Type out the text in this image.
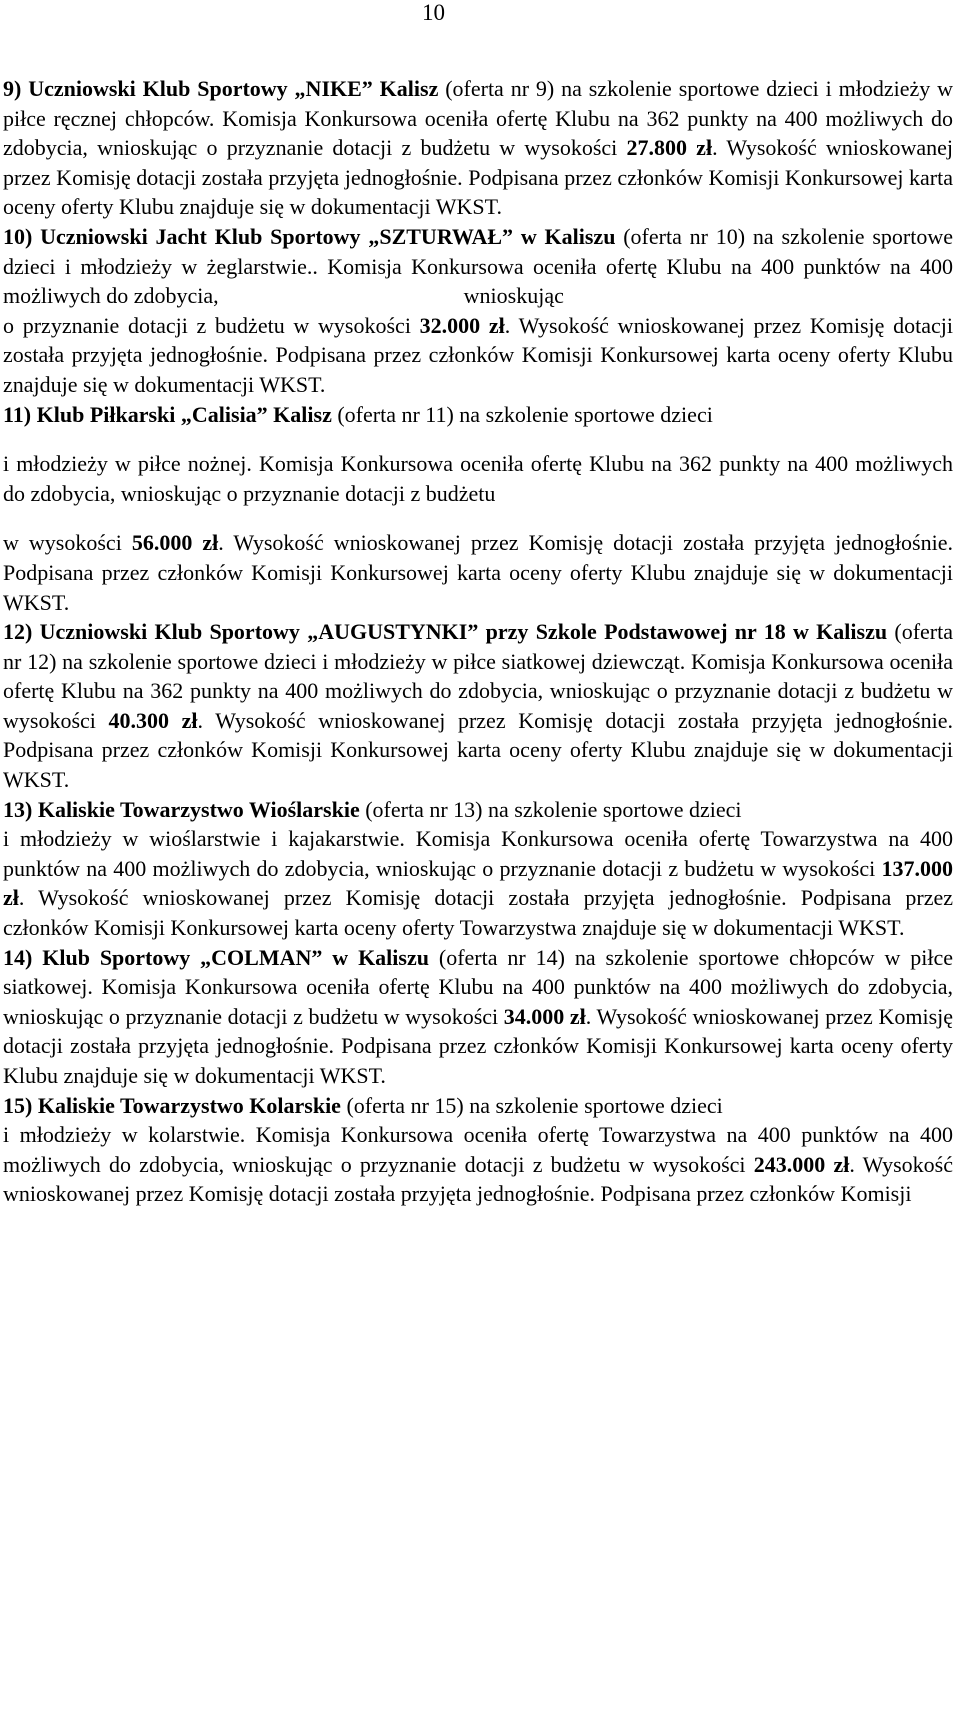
10

9) Uczniowski Klub Sportowy „NIKE” Kalisz (oferta nr 9) na szkolenie sportowe dzieci i młodzieży w piłce ręcznej chłopców. Komisja Konkursowa oceniła ofertę Klubu na 362 punkty na 400 możliwych do zdobycia, wnioskując o przyznanie dotacji z budżetu w wysokości 27.800 zł. Wysokość wnioskowanej przez Komisję dotacji została przyjęta jednogłośnie. Podpisana przez członków Komisji Konkursowej karta oceny oferty Klubu znajduje się w dokumentacji WKST.

10) Uczniowski Jacht Klub Sportowy „SZTURWAŁ” w Kaliszu (oferta nr 10) na szkolenie sportowe dzieci i młodzieży w żeglarstwie.. Komisja Konkursowa oceniła ofertę Klubu na 400 punktów na 400 możliwych do zdobycia,	wnioskując
o przyznanie dotacji z budżetu w wysokości 32.000 zł. Wysokość wnioskowanej przez Komisję dotacji została przyjęta jednogłośnie. Podpisana przez członków Komisji Konkursowej karta oceny oferty Klubu znajduje się w dokumentacji WKST.

11) Klub Piłkarski „Calisia” Kalisz (oferta nr 11) na szkolenie sportowe dzieci
i młodzieży w piłce nożnej. Komisja Konkursowa oceniła ofertę Klubu na 362 punkty na 400 możliwych do zdobycia, wnioskując o przyznanie dotacji z budżetu
w wysokości 56.000 zł. Wysokość wnioskowanej przez Komisję dotacji została przyjęta jednogłośnie. Podpisana przez członków Komisji Konkursowej karta oceny oferty Klubu znajduje się w dokumentacji WKST.

12) Uczniowski Klub Sportowy „AUGUSTYNKI” przy Szkole Podstawowej nr 18 w Kaliszu (oferta nr 12) na szkolenie sportowe dzieci i młodzieży w piłce siatkowej dziewcząt. Komisja Konkursowa oceniła ofertę Klubu na 362 punkty na 400 możliwych do zdobycia, wnioskując o przyznanie dotacji z budżetu w wysokości 40.300 zł. Wysokość wnioskowanej przez Komisję dotacji została przyjęta jednogłośnie. Podpisana przez członków Komisji Konkursowej karta oceny oferty Klubu znajduje się w dokumentacji WKST.

13) Kaliskie Towarzystwo Wioślarskie (oferta nr 13) na szkolenie sportowe dzieci
i młodzieży w wioślarstwie i kajakarstwie. Komisja Konkursowa oceniła ofertę Towarzystwa na 400 punktów na 400 możliwych do zdobycia, wnioskując o przyznanie dotacji z budżetu w wysokości 137.000 zł. Wysokość wnioskowanej przez Komisję dotacji została przyjęta jednogłośnie. Podpisana przez członków Komisji Konkursowej karta oceny oferty Towarzystwa znajduje się w dokumentacji WKST.

14) Klub Sportowy „COLMAN” w Kaliszu (oferta nr 14) na szkolenie sportowe chłopców w piłce siatkowej. Komisja Konkursowa oceniła ofertę Klubu na 400 punktów na 400 możliwych do zdobycia, wnioskując o przyznanie dotacji z budżetu w wysokości 34.000 zł. Wysokość wnioskowanej przez Komisję dotacji została przyjęta jednogłośnie. Podpisana przez członków Komisji Konkursowej karta oceny oferty Klubu znajduje się w dokumentacji WKST.

15) Kaliskie Towarzystwo Kolarskie (oferta nr 15) na szkolenie sportowe dzieci
i młodzieży w kolarstwie. Komisja Konkursowa oceniła ofertę Towarzystwa na 400 punktów na 400 możliwych do zdobycia, wnioskując o przyznanie dotacji z budżetu w wysokości 243.000 zł. Wysokość wnioskowanej przez Komisję dotacji została przyjęta jednogłośnie. Podpisana przez członków Komisji
